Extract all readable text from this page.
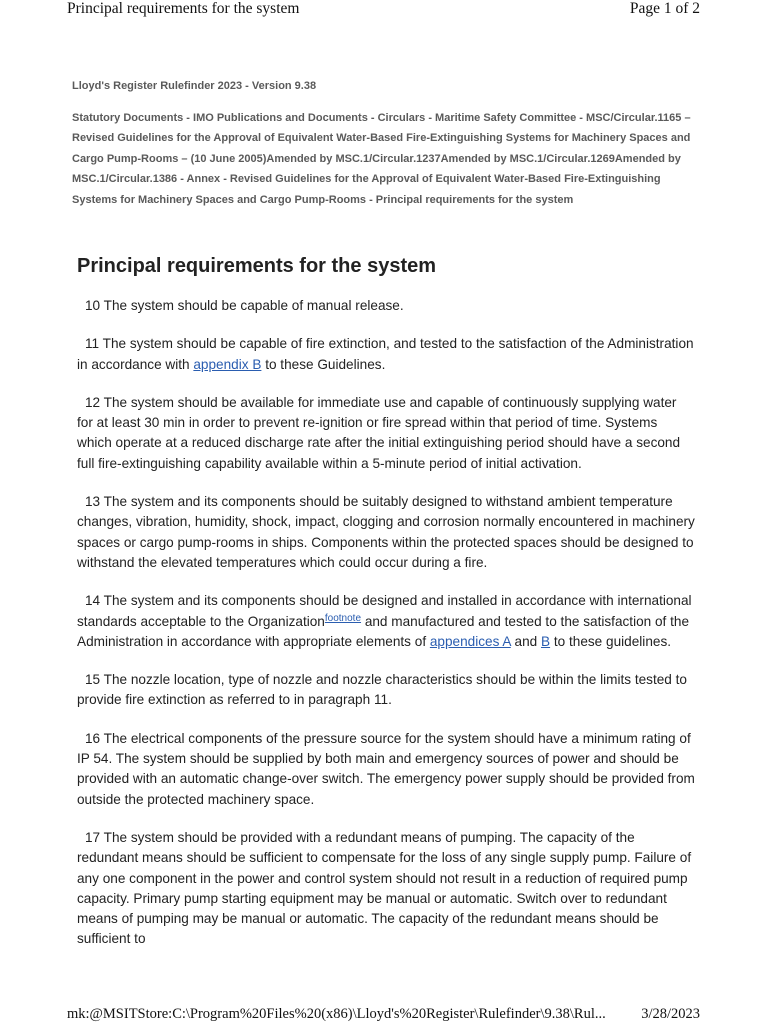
Principal requirements for the system	Page 1 of 2
Lloyd's Register Rulefinder 2023 - Version 9.38
Statutory Documents - IMO Publications and Documents - Circulars - Maritime Safety Committee - MSC/Circular.1165 – Revised Guidelines for the Approval of Equivalent Water-Based Fire-Extinguishing Systems for Machinery Spaces and Cargo Pump-Rooms – (10 June 2005)Amended by MSC.1/Circular.1237Amended by MSC.1/Circular.1269Amended by MSC.1/Circular.1386 - Annex - Revised Guidelines for the Approval of Equivalent Water-Based Fire-Extinguishing Systems for Machinery Spaces and Cargo Pump-Rooms - Principal requirements for the system
Principal requirements for the system

10 The system should be capable of manual release.

11 The system should be capable of fire extinction, and tested to the satisfaction of the Administration in accordance with appendix B to these Guidelines.

12 The system should be available for immediate use and capable of continuously supplying water for at least 30 min in order to prevent re-ignition or fire spread within that period of time. Systems which operate at a reduced discharge rate after the initial extinguishing period should have a second full fire-extinguishing capability available within a 5-minute period of initial activation.

13 The system and its components should be suitably designed to withstand ambient temperature changes, vibration, humidity, shock, impact, clogging and corrosion normally encountered in machinery spaces or cargo pump-rooms in ships. Components within the protected spaces should be designed to withstand the elevated temperatures which could occur during a fire.

14 The system and its components should be designed and installed in accordance with international standards acceptable to the Organization$^{footnote}$ and manufactured and tested to the satisfaction of the Administration in accordance with appropriate elements of appendices A and B to these guidelines.

15 The nozzle location, type of nozzle and nozzle characteristics should be within the limits tested to provide fire extinction as referred to in paragraph 11.

16 The electrical components of the pressure source for the system should have a minimum rating of IP 54. The system should be supplied by both main and emergency sources of power and should be provided with an automatic change-over switch. The emergency power supply should be provided from outside the protected machinery space.

17 The system should be provided with a redundant means of pumping. The capacity of the redundant means should be sufficient to compensate for the loss of any single supply pump. Failure of any one component in the power and control system should not result in a reduction of required pump capacity. Primary pump starting equipment may be manual or automatic. Switch over to redundant means of pumping may be manual or automatic. The capacity of the redundant means should be sufficient to

mk:@MSITStore:C:\Program%20Files%20(x86)\Lloyd's%20Register\Rulefinder\9.38\Rul... 3/28/2023
